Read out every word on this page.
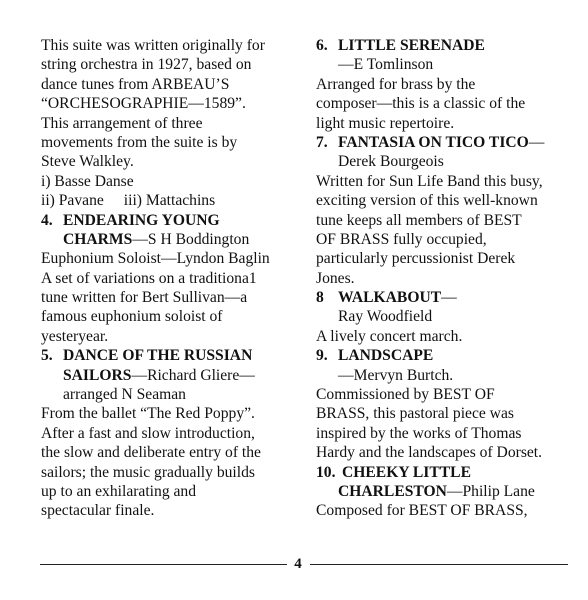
This suite was written originally for
string orchestra in 1927, based on
dance tunes from ARBEAU’S
“ORCHESOGRAPHIE—1589”.
This arrangement of three
movements from the suite is by
Steve Walkley.
i) Basse Danse
ii) Pavane iii) Mattachins
4. ENDEARING YOUNG
CHARMS—S H Boddington
Euphonium Soloist—Lyndon Baglin
A set of variations on a traditiona1
tune written for Bert Sullivan—a
famous euphonium soloist of
yesteryear.
5. DANCE OF THE RUSSIAN
SAILORS—Richard Gliere—
arranged N Seaman
From the ballet “The Red Poppy”.
After a fast and slow introduction,
the slow and deliberate entry of the
sailors; the music gradually builds
up to an exhilarating and
spectacular finale.
6. LITTLE SERENADE
—E Tomlinson
Arranged for brass by the
composer—this is a classic of the
light music repertoire.
7. FANTASIA ON TICO TICO—
Derek Bourgeois
Written for Sun Life Band this busy,
exciting version of this well-known
tune keeps all members of BEST
OF BRASS fully occupied,
particularly percussionist Derek
Jones.
8 WALKABOUT—
Ray Woodfield
A lively concert march.
9. LANDSCAPE
—Mervyn Burtch.
Commissioned by BEST OF
BRASS, this pastoral piece was
inspired by the works of Thomas
Hardy and the landscapes of Dorset.
10. CHEEKY LITTLE
CHARLESTON—Philip Lane
Composed for BEST OF BRASS,
4
